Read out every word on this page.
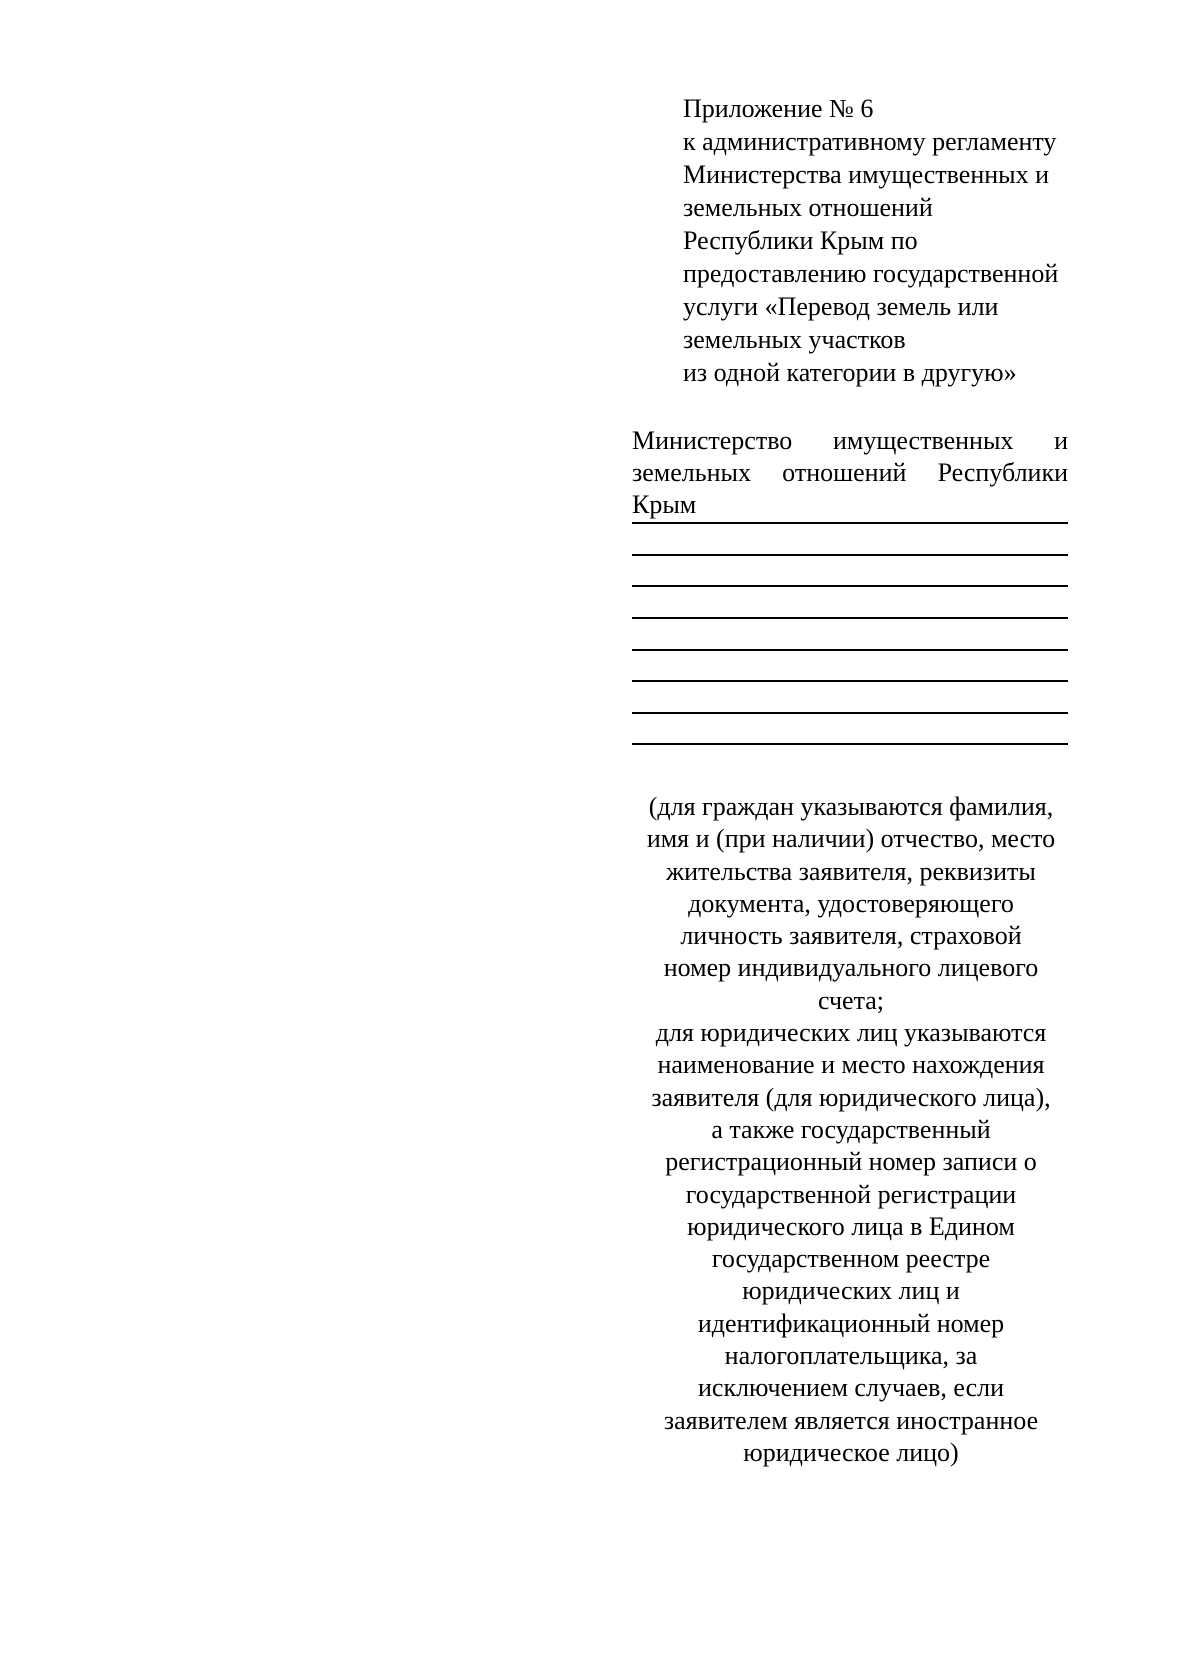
Приложение № 6
к административному регламенту
Министерства имущественных и
земельных отношений
Республики Крым по
предоставлению государственной
услуги «Перевод земель или
земельных участков
из одной категории в другую»
Министерство имущественных и
земельных отношений Республики
Крым
(для граждан указываются фамилия,
имя и (при наличии) отчество, место
жительства заявителя, реквизиты
документа, удостоверяющего
личность заявителя, страховой
номер индивидуального лицевого
счета;
для юридических лиц указываются
наименование и место нахождения
заявителя (для юридического лица),
а также государственный
регистрационный номер записи о
государственной регистрации
юридического лица в Едином
государственном реестре
юридических лиц и
идентификационный номер
налогоплательщика, за
исключением случаев, если
заявителем является иностранное
юридическое лицо)
